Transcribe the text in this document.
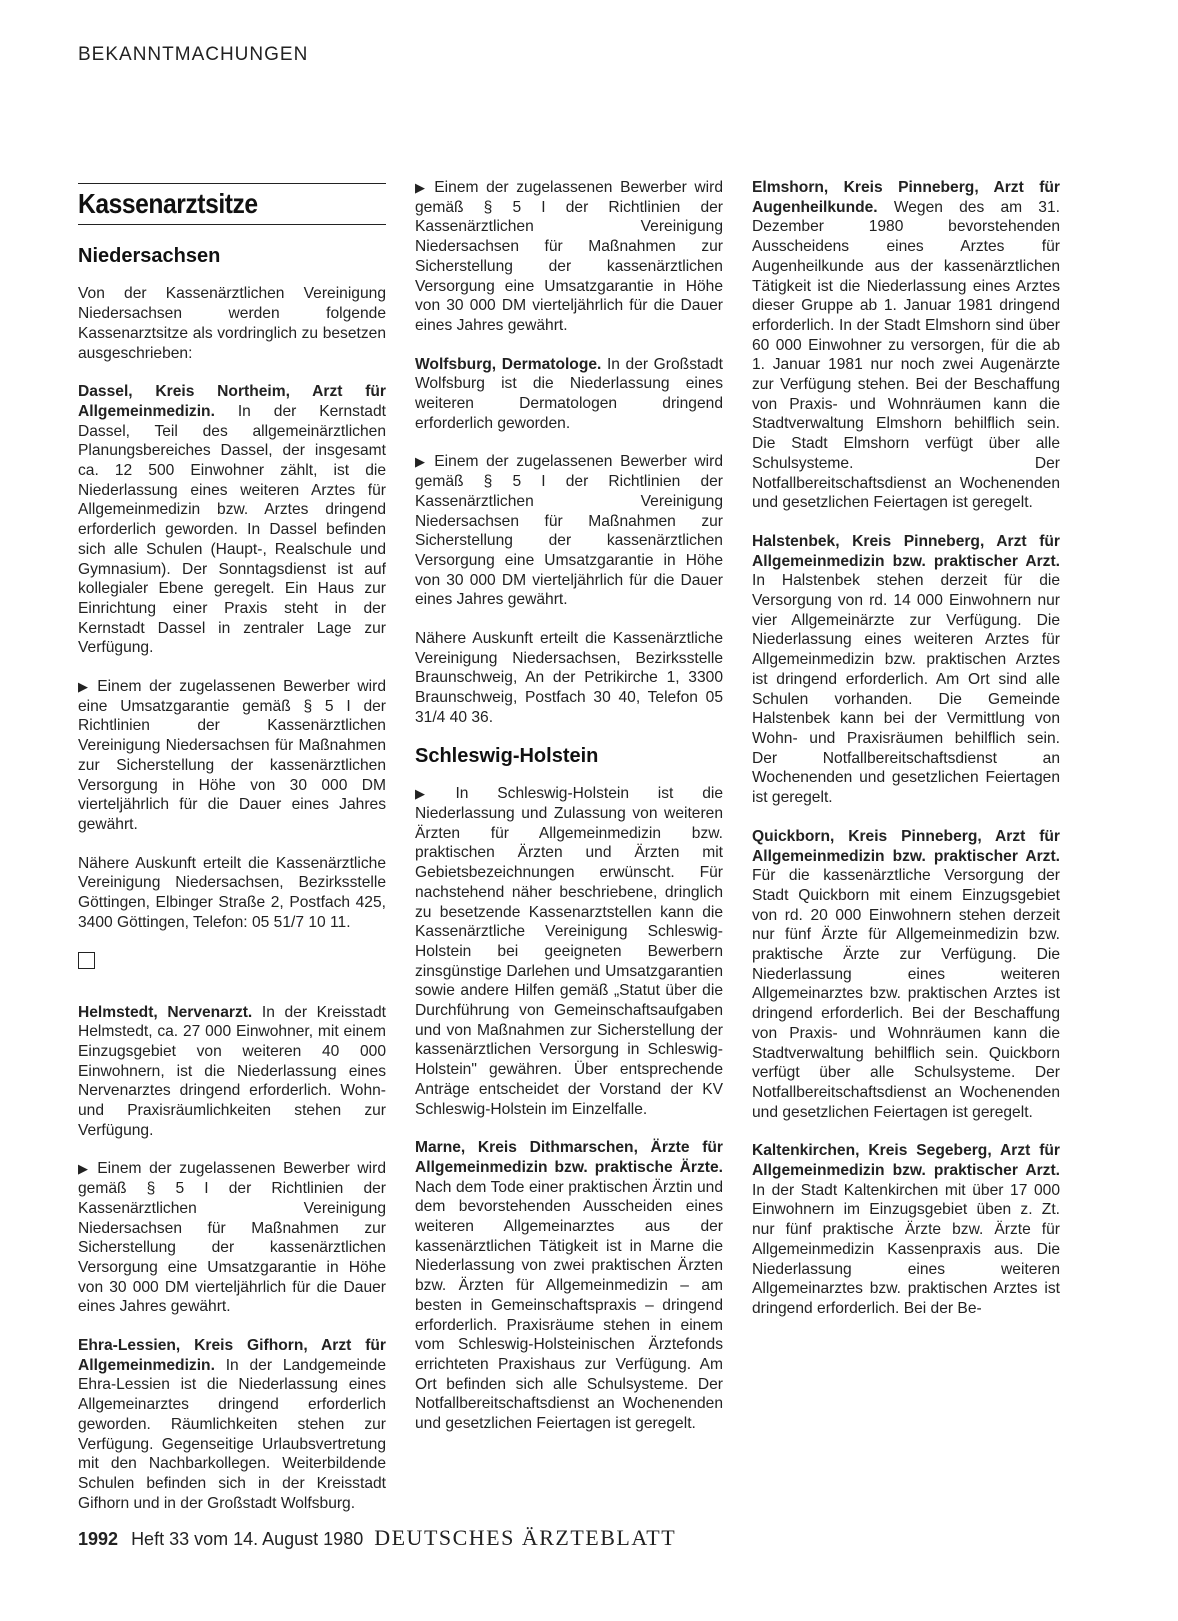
BEKANNTMACHUNGEN
Kassenarztsitze
Niedersachsen

Von der Kassenärztlichen Vereinigung Niedersachsen werden folgende Kassenarztsitze als vordringlich zu besetzen ausgeschrieben:

Dassel, Kreis Northeim, Arzt für Allgemeinmedizin. In der Kernstadt Dassel, Teil des allgemeinärztlichen Planungsbereiches Dassel, der insgesamt ca. 12 500 Einwohner zählt, ist die Niederlassung eines weiteren Arztes für Allgemeinmedizin bzw. Arztes dringend erforderlich geworden. In Dassel befinden sich alle Schulen (Haupt-, Realschule und Gymnasium). Der Sonntagsdienst ist auf kollegialer Ebene geregelt. Ein Haus zur Einrichtung einer Praxis steht in der Kernstadt Dassel in zentraler Lage zur Verfügung.

▶ Einem der zugelassenen Bewerber wird eine Umsatzgarantie gemäß § 5 I der Richtlinien der Kassenärztlichen Vereinigung Niedersachsen für Maßnahmen zur Sicherstellung der kassenärztlichen Versorgung in Höhe von 30 000 DM vierteljährlich für die Dauer eines Jahres gewährt.

Nähere Auskunft erteilt die Kassenärztliche Vereinigung Niedersachsen, Bezirksstelle Göttingen, Elbinger Straße 2, Postfach 425, 3400 Göttingen, Telefon: 05 51/7 10 11.

Helmstedt, Nervenarzt. In der Kreisstadt Helmstedt, ca. 27 000 Einwohner, mit einem Einzugsgebiet von weiteren 40 000 Einwohnern, ist die Niederlassung eines Nervenarztes dringend erforderlich. Wohn- und Praxisräumlichkeiten stehen zur Verfügung.

▶ Einem der zugelassenen Bewerber wird gemäß § 5 I der Richtlinien der Kassenärztlichen Vereinigung Niedersachsen für Maßnahmen zur Sicherstellung der kassenärztlichen Versorgung eine Umsatzgarantie in Höhe von 30 000 DM vierteljährlich für die Dauer eines Jahres gewährt.

Ehra-Lessien, Kreis Gifhorn, Arzt für Allgemeinmedizin. In der Landgemeinde Ehra-Lessien ist die Niederlassung eines Allgemeinarztes dringend erforderlich geworden. Räumlichkeiten stehen zur Verfügung. Gegenseitige Urlaubsvertretung mit den Nachbarkollegen. Weiterbildende Schulen befinden sich in der Kreisstadt Gifhorn und in der Großstadt Wolfsburg.

▶ Einem der zugelassenen Bewerber wird gemäß § 5 I der Richtlinien der Kassenärztlichen Vereinigung Niedersachsen für Maßnahmen zur Sicherstellung der kassenärztlichen Versorgung eine Umsatzgarantie in Höhe von 30 000 DM vierteljährlich für die Dauer eines Jahres gewährt.

Wolfsburg, Dermatologe. In der Großstadt Wolfsburg ist die Niederlassung eines weiteren Dermatologen dringend erforderlich geworden.

▶ Einem der zugelassenen Bewerber wird gemäß § 5 I der Richtlinien der Kassenärztlichen Vereinigung Niedersachsen für Maßnahmen zur Sicherstellung der kassenärztlichen Versorgung eine Umsatzgarantie in Höhe von 30 000 DM vierteljährlich für die Dauer eines Jahres gewährt.

Nähere Auskunft erteilt die Kassenärztliche Vereinigung Niedersachsen, Bezirksstelle Braunschweig, An der Petrikirche 1, 3300 Braunschweig, Postfach 30 40, Telefon 05 31/4 40 36.

Schleswig-Holstein

▶ In Schleswig-Holstein ist die Niederlassung und Zulassung von weiteren Ärzten für Allgemeinmedizin bzw. praktischen Ärzten und Ärzten mit Gebietsbezeichnungen erwünscht. Für nachstehend näher beschriebene, dringlich zu besetzende Kassenarztstellen kann die Kassenärztliche Vereinigung Schleswig-Holstein bei geeigneten Bewerbern zinsgünstige Darlehen und Umsatzgarantien sowie andere Hilfen gemäß „Statut über die Durchführung von Gemeinschaftsaufgaben und von Maßnahmen zur Sicherstellung der kassenärztlichen Versorgung in Schleswig-Holstein" gewähren. Über entsprechende Anträge entscheidet der Vorstand der KV Schleswig-Holstein im Einzelfalle.

Marne, Kreis Dithmarschen, Ärzte für Allgemeinmedizin bzw. praktische Ärzte. Nach dem Tode einer praktischen Ärztin und dem bevorstehenden Ausscheiden eines weiteren Allgemeinarztes aus der kassenärztlichen Tätigkeit ist in Marne die Niederlassung von zwei praktischen Ärzten bzw. Ärzten für Allgemeinmedizin – am besten in Gemeinschaftspraxis – dringend erforderlich. Praxisräume stehen in einem vom Schleswig-Holsteinischen Ärztefonds errichteten Praxishaus zur Verfügung. Am Ort befinden sich alle Schulsysteme. Der Notfallbereitschaftsdienst an Wochenenden und gesetzlichen Feiertagen ist geregelt.

Elmshorn, Kreis Pinneberg, Arzt für Augenheilkunde. Wegen des am 31. Dezember 1980 bevorstehenden Ausscheidens eines Arztes für Augenheilkunde aus der kassenärztlichen Tätigkeit ist die Niederlassung eines Arztes dieser Gruppe ab 1. Januar 1981 dringend erforderlich. In der Stadt Elmshorn sind über 60 000 Einwohner zu versorgen, für die ab 1. Januar 1981 nur noch zwei Augenärzte zur Verfügung stehen. Bei der Beschaffung von Praxis- und Wohnräumen kann die Stadtverwaltung Elmshorn behilflich sein. Die Stadt Elmshorn verfügt über alle Schulsysteme. Der Notfallbereitschaftsdienst an Wochenenden und gesetzlichen Feiertagen ist geregelt.

Halstenbek, Kreis Pinneberg, Arzt für Allgemeinmedizin bzw. praktischer Arzt. In Halstenbek stehen derzeit für die Versorgung von rd. 14 000 Einwohnern nur vier Allgemeinärzte zur Verfügung. Die Niederlassung eines weiteren Arztes für Allgemeinmedizin bzw. praktischen Arztes ist dringend erforderlich. Am Ort sind alle Schulen vorhanden. Die Gemeinde Halstenbek kann bei der Vermittlung von Wohn- und Praxisräumen behilflich sein. Der Notfallbereitschaftsdienst an Wochenenden und gesetzlichen Feiertagen ist geregelt.

Quickborn, Kreis Pinneberg, Arzt für Allgemeinmedizin bzw. praktischer Arzt. Für die kassenärztliche Versorgung der Stadt Quickborn mit einem Einzugsgebiet von rd. 20 000 Einwohnern stehen derzeit nur fünf Ärzte für Allgemeinmedizin bzw. praktische Ärzte zur Verfügung. Die Niederlassung eines weiteren Allgemeinarztes bzw. praktischen Arztes ist dringend erforderlich. Bei der Beschaffung von Praxis- und Wohnräumen kann die Stadtverwaltung behilflich sein. Quickborn verfügt über alle Schulsysteme. Der Notfallbereitschaftsdienst an Wochenenden und gesetzlichen Feiertagen ist geregelt.

Kaltenkirchen, Kreis Segeberg, Arzt für Allgemeinmedizin bzw. praktischer Arzt. In der Stadt Kaltenkirchen mit über 17 000 Einwohnern im Einzugsgebiet üben z. Zt. nur fünf praktische Ärzte bzw. Ärzte für Allgemeinmedizin Kassenpraxis aus. Die Niederlassung eines weiteren Allgemeinarztes bzw. praktischen Arztes ist dringend erforderlich. Bei der Be-

1992 Heft 33 vom 14. August 1980 DEUTSCHES ÄRZTEBLATT
